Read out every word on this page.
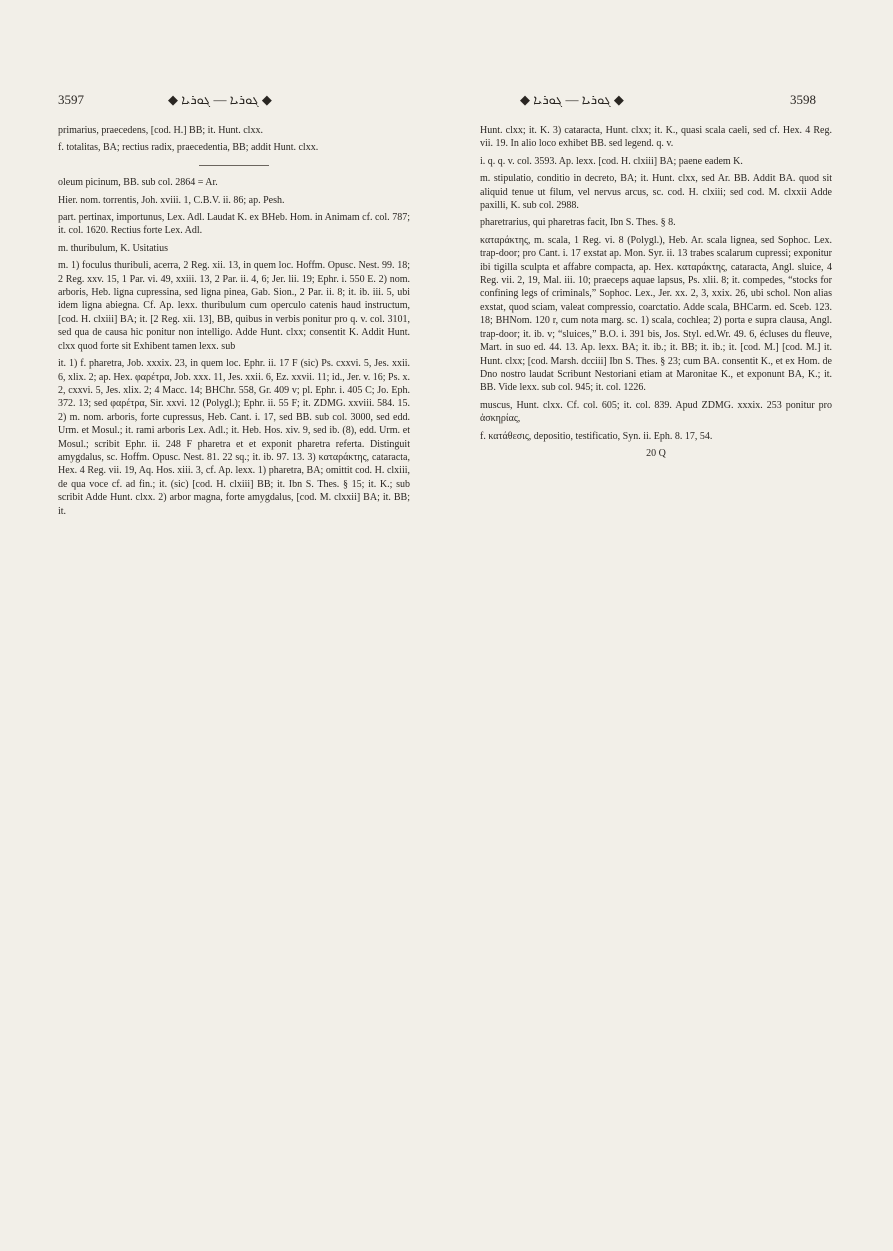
3597	◆ ܓܘܪܝܐ — ܓܘܪܝܐ ◆	◆ ܓܘܪܝܐ — ܓܘܪܝܐ ◆	3598

primarius, praecedens, [cod. H.] BB; it. Hunt. clxx.

f. totalitas, BA; rectius radix, praecedentia, BB; addit Hunt. clxx.

oleum picinum, BB. sub col. 2864 = Ar.

Hier. nom. torrentis, Joh. xviii. 1, C.B.V. ii. 86; ap. Pesh.

part. pertinax, importunus, Lex. Adl. Laudat K. ex BHeb. Hom. in Animam cf. col. 787; it. col. 1620. Rectius forte Lex. Adl.

m. thuribulum, K. Usitatius

m. 1) foculus thuribuli, acerra, 2 Reg. xii. 13, in quem loc. Hoffm. Opusc. Nest. 99. 18; 2 Reg. xxv. 15, 1 Par. vi. 49, xxiii. 13, 2 Par. ii. 4, 6; Jer. lii. 19; Ephr. i. 550 E. 2) nom. arboris, Heb. ligna cupressina, sed ligna pinea, Gab. Sion., 2 Par. ii. 8; it. ib. iii. 5, ubi idem ligna abiegna. Cf. Ap. lexx. thuribulum cum operculo catenis haud instructum, [cod. H. clxiii] BA; it. [2 Reg. xii. 13], BB, quibus in verbis ponitur pro q. v. col. 3101, sed qua de causa hic ponitur non intelligo. Adde Hunt. clxx; consentit K. Addit Hunt. clxx quod forte sit Exhibent tamen lexx. sub

it. 1) f. pharetra, Job. xxxix. 23, in quem loc. Ephr. ii. 17 F (sic) Ps. cxxvi. 5, Jes. xxii. 6, xlix. 2; ap. Hex. φαρέτρα, Job. xxx. 11, Jes. xxii. 6, Ez. xxvii. 11; id., Jer. v. 16; Ps. x. 2, cxxvi. 5, Jes. xlix. 2; 4 Macc. 14; BHChr. 558, Gr. 409 v; pl. Ephr. i. 405 C; Jo. Eph. 372. 13; sed φαρέτρα, Sir. xxvi. 12 (Polygl.); Ephr. ii. 55 F; it. ZDMG. xxviii. 584. 15. 2) m. nom. arboris, forte cupressus, Heb. Cant. i. 17, sed BB. sub col. 3000, sed edd. Urm. et Mosul.; it. rami arboris Lex. Adl.; it. Heb. Hos. xiv. 9, sed ib. (8), edd. Urm. et Mosul.; scribit Ephr. ii. 248 F pharetra et et exponit pharetra referta. Distinguit amygdalus, sc. Hoffm. Opusc. Nest. 81. 22 sq.; it. ib. 97. 13. 3) καταράκτης, cataracta, Hex. 4 Reg. vii. 19, Aq. Hos. xiii. 3, cf. Ap. lexx. 1) pharetra, BA; omittit cod. H. clxiii, de qua voce cf. ad fin.; it. (sic) [cod. H. clxiii] BB; it. Ibn S. Thes. § 15; it. K.; sub scribit Adde Hunt. clxx. 2) arbor magna, forte amygdalus, [cod. M. clxxii] BA; it. BB; it.

Hunt. clxx; it. K. 3) cataracta, Hunt. clxx; it. K., quasi scala caeli, sed cf. Hex. 4 Reg. vii. 19. In alio loco exhibet BB. sed legend. q. v.

i. q. q. v. col. 3593. Ap. lexx. [cod. H. clxiii] BA; paene eadem K.

m. stipulatio, conditio in decreto, BA; it. Hunt. clxx, sed Ar. BB. Addit BA. quod sit aliquid tenue ut filum, vel nervus arcus, sc. cod. H. clxiii; sed cod. M. clxxii Adde paxilli, K. sub col. 2988.

pharetrarius, qui pharetras facit, Ibn S. Thes. § 8.

καταράκτης, m. scala, 1 Reg. vi. 8 (Polygl.), Heb. Ar. scala lignea, sed Sophoc. Lex. trap-door; pro Cant. i. 17 exstat ap. Mon. Syr. ii. 13 trabes scalarum cupressi; exponitur ibi tigilla sculpta et affabre compacta, ap. Hex. καταράκτης, cataracta, Angl. sluice, 4 Reg. vii. 2, 19, Mal. iii. 10; praeceps aquae lapsus, Ps. xlii. 8; it. compedes, “stocks for confining legs of criminals,” Sophoc. Lex., Jer. xx. 2, 3, xxix. 26, ubi schol. Non alias exstat, quod sciam, valeat compressio, coarctatio. Adde scala, BHCarm. ed. Sceb. 123. 18; BHNom. 120 r, cum nota marg. sc. 1) scala, cochlea; 2) porta e supra clausa, Angl. trap-door; it. ib. v; “sluices,” B.O. i. 391 bis, Jos. Styl. ed.Wr. 49. 6, écluses du fleuve, Mart. in suo ed. 44. 13. Ap. lexx. BA; it. ib.; it. BB; it. ib.; it. [cod. M.] [cod. M.] it. Hunt. clxx; [cod. Marsh. dcciii] Ibn S. Thes. § 23; cum BA. consentit K., et ex Hom. de Dno nostro laudat Scribunt Nestoriani etiam at Maronitae K., et exponunt BA, K.; it. BB. Vide lexx. sub col. 945; it. col. 1226.

muscus, Hunt. clxx. Cf. col. 605; it. col. 839. Apud ZDMG. xxxix. 253 ponitur pro ἀσκηρίας,

f. κατάθεσις, depositio, testificatio, Syn. ii. Eph. 8. 17, 54.

20 Q
